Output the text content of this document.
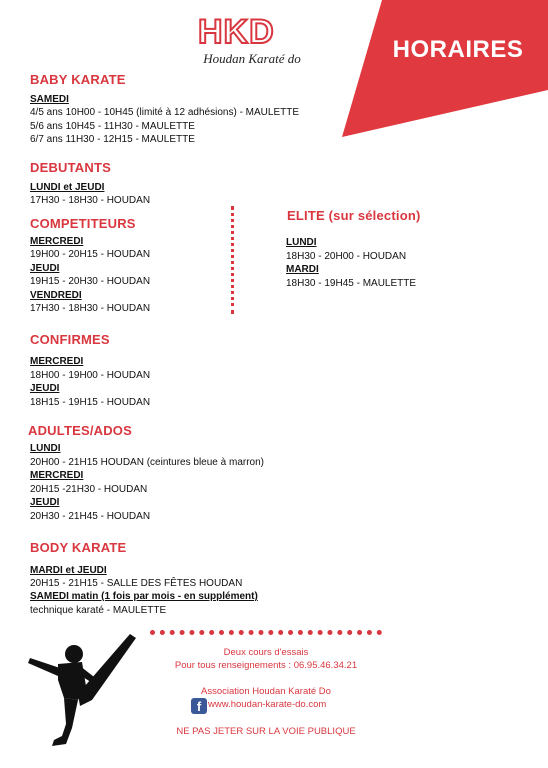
HORAIRES
HKD
Houdan Karaté do
BABY KARATE
SAMEDI
4/5 ans 10H00 - 10H45 (limité à 12 adhésions) - MAULETTE
5/6 ans 10H45 - 11H30 - MAULETTE
6/7 ans 11H30 - 12H15 - MAULETTE
DEBUTANTS
LUNDI et JEUDI
17H30 - 18H30 - HOUDAN
COMPETITEURS
MERCREDI
19H00 - 20H15 - HOUDAN
JEUDI
19H15 - 20H30 - HOUDAN
VENDREDI
17H30 - 18H30 - HOUDAN
ELITE (sur sélection)
LUNDI
18H30 - 20H00 - HOUDAN
MARDI
18H30 - 19H45 - MAULETTE
CONFIRMES
MERCREDI
18H00 - 19H00 - HOUDAN
JEUDI
18H15 - 19H15 - HOUDAN
ADULTES/ADOS
LUNDI
20H00 - 21H15 HOUDAN (ceintures bleue à marron)
MERCREDI
20H15 -21H30 - HOUDAN
JEUDI
20H30 - 21H45 - HOUDAN
BODY KARATE
MARDI et JEUDI
20H15 - 21H15 - SALLE DES FÊTES HOUDAN
SAMEDI matin (1 fois par mois - en supplément)
technique karaté - MAULETTE
Deux cours d'essais
Pour tous renseignements : 06.95.46.34.21
Association Houdan Karaté Do
f www.houdan-karate-do.com
NE PAS JETER SUR LA VOIE PUBLIQUE
